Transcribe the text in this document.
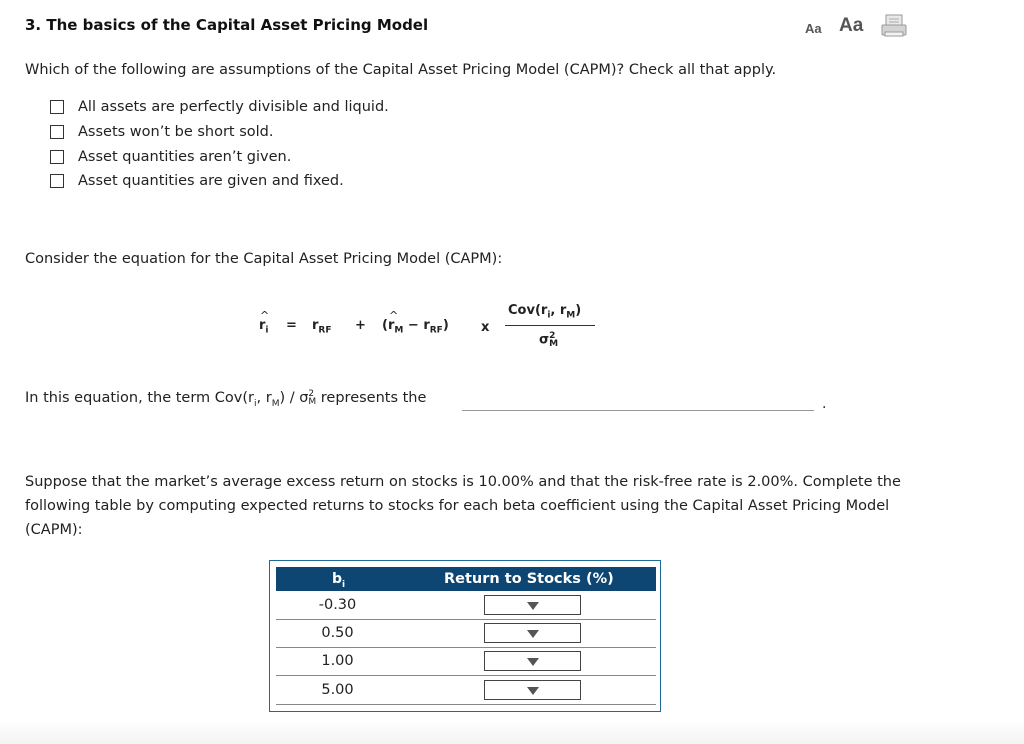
3. The basics of the Capital Asset Pricing Model	Aa Aa
Which of the following are assumptions of the Capital Asset Pricing Model (CAPM)? Check all that apply.
All assets are perfectly divisible and liquid.
Assets won’t be short sold.
Asset quantities aren’t given.
Asset quantities are given and fixed.
Consider the equation for the Capital Asset Pricing Model (CAPM):
^ $r_i = r_{RF}$ + (^ $r_M - r_{RF}$) x
$Cov(r_i$, $r_M$)
σ 2
M
In this equation, the term $Cov(r_i$, $r_M$) / σ 2
M represents the	.
Suppose that the market’s average excess return on stocks is 10.00% and that the risk-free rate is 2.00%. Complete the following table by computing expected returns to stocks for each beta coefficient using the Capital Asset Pricing Model (CAPM):
$b_i$	Return to Stocks (%)
-0.30
0.50
1.00
5.00
